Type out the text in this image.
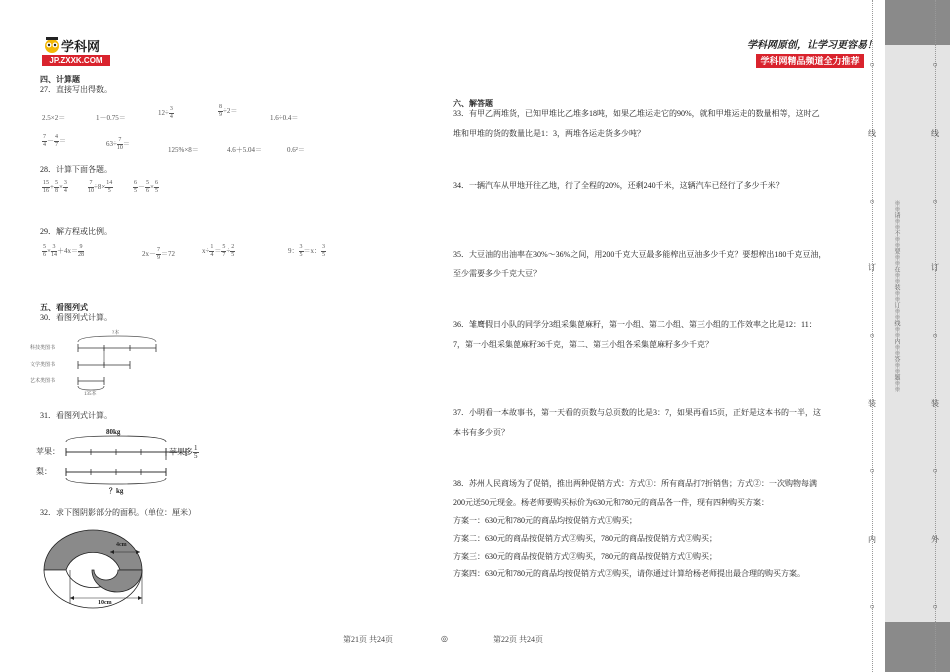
学科网
JP.ZXXK.COM
学科网原创，让学习更容易！
学科网精品频道全力推荐
四、计算题
27．直接写出得数。
2.5×2＝	1－0.75＝
$12\div \frac{3}{4}$	$\frac{8}{9} \div 2=$
1.6÷0.4＝
$\frac{7}{4} - \frac{4}{7}$ ＝	$63\div \frac{7}{10}$ ＝
125%×8＝	4.6＋5.04＝	0.6²＝
28．计算下面各题。
$\frac{15}{16} + \frac{5}{8} \times \frac{3}{4}$	$\frac{7}{10} \div 8\times \frac{14}{5}$	$\frac{6}{5} - \frac{5}{6} \times \frac{6}{5}$
29．解方程或比例。
$\frac{5}{6} \times \frac{3}{14} +4x= \frac{9}{28}$	$2x- \frac{7}{9} =72$	$x\div \frac{1}{4} = \frac{5}{7} \div \frac{2}{5}$	9： $\frac{3}{5} =x$： $\frac{3}{5}$
五、看图列式
30．看图列式计算。
?本
科技类图书
文学类图书
艺术类图书
135本
31．看图列式计算。
80kg
苹果：
梨：
苹果多 $\frac{1}{5}$
？kg
32．求下图阴影部分的面积。（单位：厘米）
4cm
10cm
六、解答题
33．有甲乙两堆货，已知甲堆比乙堆多18吨，如果乙堆运走它的90%，就和甲堆运走的数量相等，这时乙
堆和甲堆的货的数量比是1：3，两堆各运走货多少吨？
34．一辆汽车从甲地开往乙地，行了全程的20%，还剩240千米，这辆汽车已经行了多少千米？
35．大豆油的出油率在30%～36%之间，用200千克大豆最多能榨出豆油多少千克？要想榨出180千克豆油，
至少需要多少千克大豆？
36．雏鹰假日小队的同学分3组采集蓖麻籽，第一小组、第二小组、第三小组的工作效率之比是12：11：
7，第一小组采集蓖麻籽36千克，第二、第三小组各采集蓖麻籽多少千克？
37．小明看一本故事书，第一天看的页数与总页数的比是3：7，如果再看15页，正好是这本书的一半，这
本书有多少页？
38．苏州人民商场为了促销，推出两种促销方式：方式①：所有商品打7折销售；方式②：一次购物每满
200元送50元现金。杨老师要购买标价为630元和780元的商品各一件，现有四种购买方案：
方案一：630元和780元的商品均按促销方式①购买；
方案二：630元的商品按促销方式②购买，780元的商品按促销方式②购买；
方案三：630元的商品按促销方式②购买，780元的商品按促销方式①购买；
方案四：630元和780元的商品均按促销方式②购买，请你通过计算给杨老师提出最合理的购买方案。
第21页 共24页	◎	第22页 共24页
○
线
○
订
○
装
○
内
○
※※请※※不※※要※※在※※装※※订※※线※※内※※答※※题※※
○
线
○
订
○
装
○
外
○
